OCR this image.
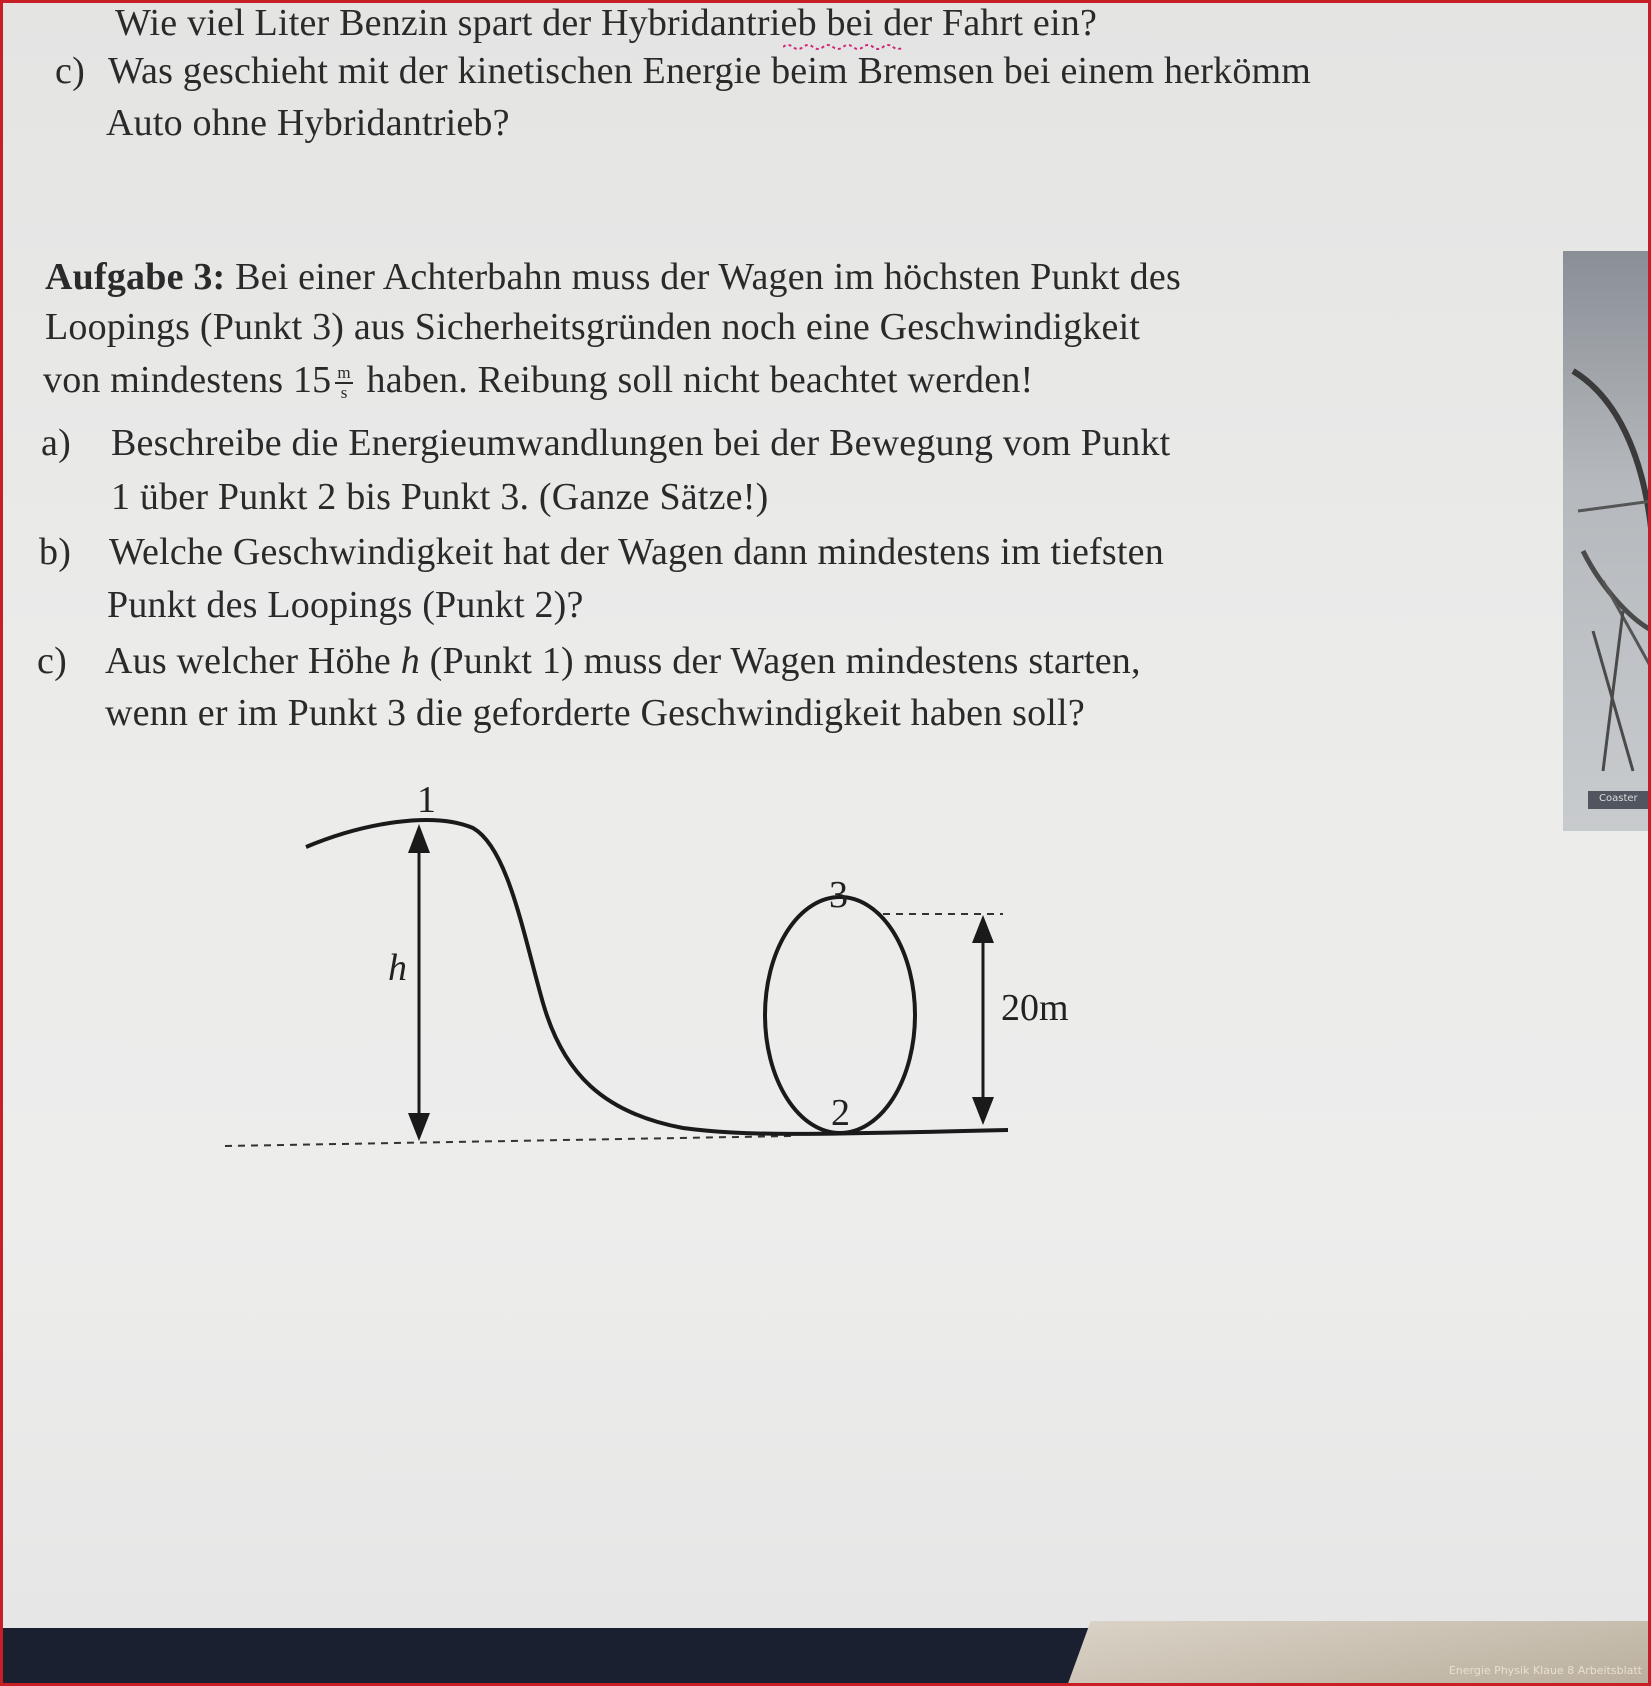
Wie viel Liter Benzin spart der Hybridantrieb bei der Fahrt ein?
c) Was geschieht mit der kinetischen Energie beim Bremsen bei einem herkömm
Auto ohne Hybridantrieb?
Aufgabe 3: Bei einer Achterbahn muss der Wagen im höchsten Punkt des
Loopings (Punkt 3) aus Sicherheitsgründen noch eine Geschwindigkeit
von mindestens $15 \frac{m}{s}$ haben. Reibung soll nicht beachtet werden!
a) Beschreibe die Energieumwandlungen bei der Bewegung vom Punkt
1 über Punkt 2 bis Punkt 3. (Ganze Sätze!)
b) Welche Geschwindigkeit hat der Wagen dann mindestens im tiefsten
Punkt des Loopings (Punkt 2)?
c) Aus welcher Höhe h (Punkt 1) muss der Wagen mindestens starten,
wenn er im Punkt 3 die geforderte Geschwindigkeit haben soll?
1
3
2
h
20m
Coaster
Energie Physik Klaue 8 Arbeitsblatt
